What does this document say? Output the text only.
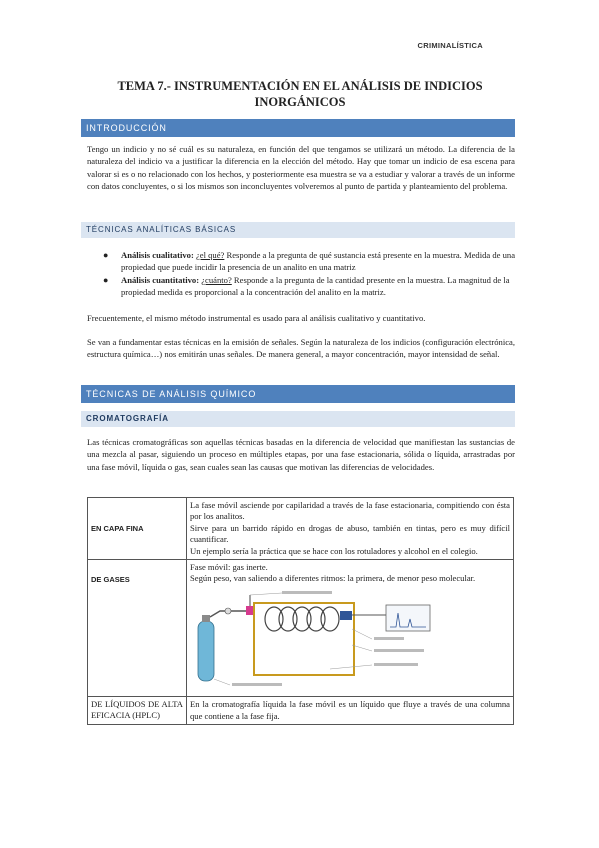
CRIMINALÍSTICA
TEMA 7.- INSTRUMENTACIÓN EN EL ANÁLISIS DE INDICIOS
INORGÁNICOS
INTRODUCCIÓN

Tengo un indicio y no sé cuál es su naturaleza, en función del que tengamos se utilizará un método. La diferencia de la naturaleza del indicio va a justificar la diferencia en la elección del método. Hay que tomar un indicio de esa escena para valorar si es o no relacionado con los hechos, y posteriormente esa muestra se va a estudiar y valorar a través de un informe con datos concluyentes, o si los mismos son inconcluyentes volveremos al punto de partida y planteamiento del problema.

TÉCNICAS ANALÍTICAS BÁSICAS
● Análisis cualitativo: ¿el qué? Responde a la pregunta de qué sustancia está presente en la muestra. Medida de una propiedad que puede incidir la presencia de un analito en una matriz
● Análisis cuantitativo: ¿cuánto? Responde a la pregunta de la cantidad presente en la muestra. La magnitud de la propiedad medida es proporcional a la concentración del analito en la matriz.

Frecuentemente, el mismo método instrumental es usado para al análisis cualitativo y cuantitativo.

Se van a fundamentar estas técnicas en la emisión de señales. Según la naturaleza de los indicios (configuración electrónica, estructura química…) nos emitirán unas señales. De manera general, a mayor concentración, mayor intensidad de señal.

TÉCNICAS DE ANÁLISIS QUÍMICO
CROMATOGRAFÍA

Las técnicas cromatográficas son aquellas técnicas basadas en la diferencia de velocidad que manifiestan las sustancias de una mezcla al pasar, siguiendo un proceso en múltiples etapas, por una fase estacionaria, sólida o líquida, arrastradas por una fase móvil, líquida o gas, sean cuales sean las causas que motivan las diferencias de velocidades.

EN CAPA FINA	La fase móvil asciende por capilaridad a través de la fase estacionaria, compitiendo con ésta por los analitos.

Sirve para un barrido rápido en drogas de abuso, también en tintas, pero es muy difícil cuantificar.

Un ejemplo sería la práctica que se hace con los rotuladores y alcohol en el colegio.

DE GASES	Fase móvil: gas inerte.

Según peso, van saliendo a diferentes ritmos: la primera, de menor peso molecular.

DE LÍQUIDOS DE ALTA EFICACIA (HPLC)	En la cromatografía líquida la fase móvil es un líquido que fluye a través de una columna que contiene a la fase fija.
